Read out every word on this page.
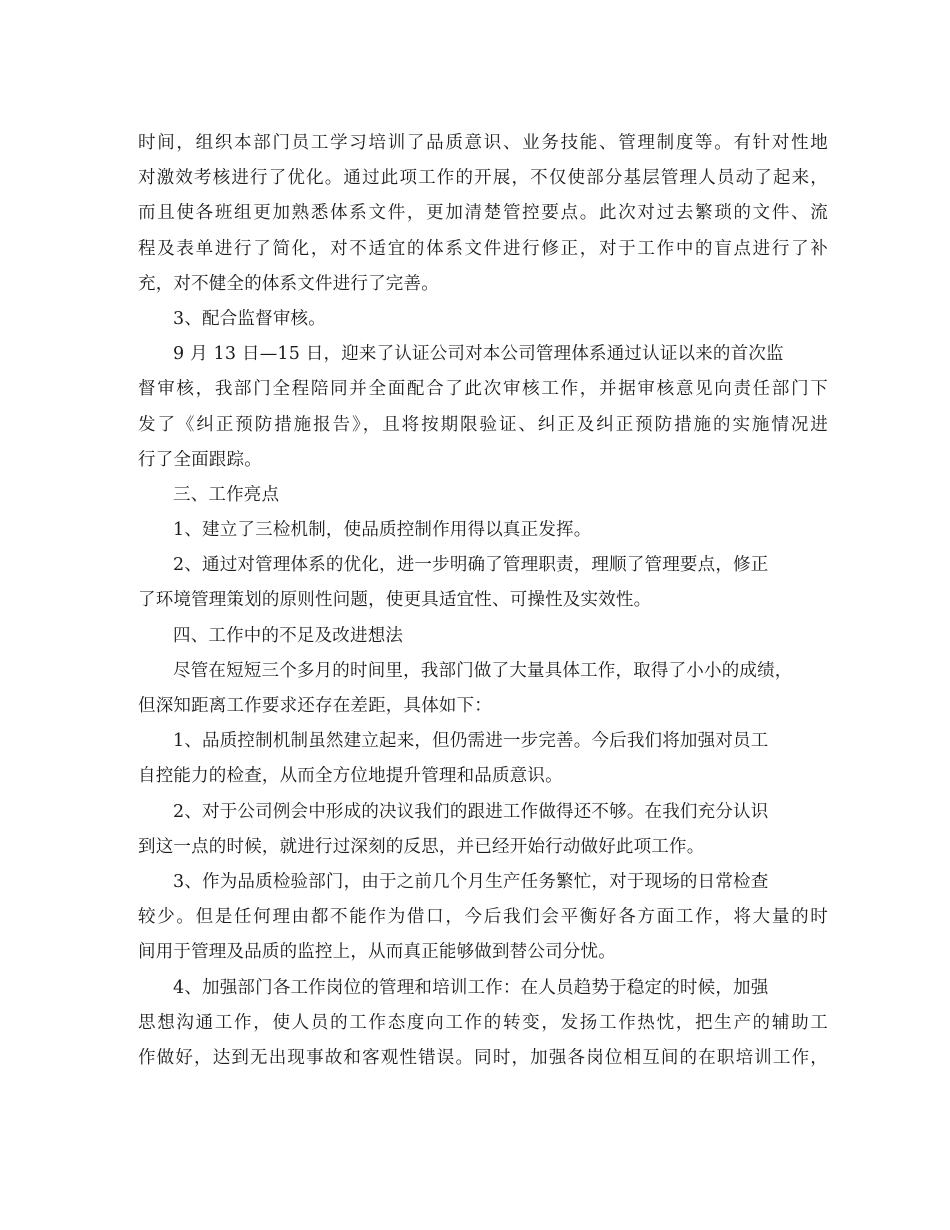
时间，组织本部门员工学习培训了品质意识、业务技能、管理制度等。有针对性地
对激效考核进行了优化。通过此项工作的开展，不仅使部分基层管理人员动了起来，
而且使各班组更加熟悉体系文件，更加清楚管控要点。此次对过去繁琐的文件、流
程及表单进行了简化，对不适宜的体系文件进行修正，对于工作中的盲点进行了补
充，对不健全的体系文件进行了完善。
3、配合监督审核。
9 月 13 日—15 日，迎来了认证公司对本公司管理体系通过认证以来的首次监
督审核，我部门全程陪同并全面配合了此次审核工作，并据审核意见向责任部门下
发了《纠正预防措施报告》，且将按期限验证、纠正及纠正预防措施的实施情况进
行了全面跟踪。
三、工作亮点
1、建立了三检机制，使品质控制作用得以真正发挥。
2、通过对管理体系的优化，进一步明确了管理职责，理顺了管理要点，修正
了环境管理策划的原则性问题，使更具适宜性、可操性及实效性。
四、工作中的不足及改进想法
尽管在短短三个多月的时间里，我部门做了大量具体工作，取得了小小的成绩，
但深知距离工作要求还存在差距，具体如下：
1、品质控制机制虽然建立起来，但仍需进一步完善。今后我们将加强对员工
自控能力的检查，从而全方位地提升管理和品质意识。
2、对于公司例会中形成的决议我们的跟进工作做得还不够。在我们充分认识
到这一点的时候，就进行过深刻的反思，并已经开始行动做好此项工作。
3、作为品质检验部门，由于之前几个月生产任务繁忙，对于现场的日常检查
较少。但是任何理由都不能作为借口，今后我们会平衡好各方面工作，将大量的时
间用于管理及品质的监控上，从而真正能够做到替公司分忧。
4、加强部门各工作岗位的管理和培训工作：在人员趋势于稳定的时候，加强
思想沟通工作，使人员的工作态度向工作的转变，发扬工作热忱，把生产的辅助工
作做好，达到无出现事故和客观性错误。同时，加强各岗位相互间的在职培训工作，
